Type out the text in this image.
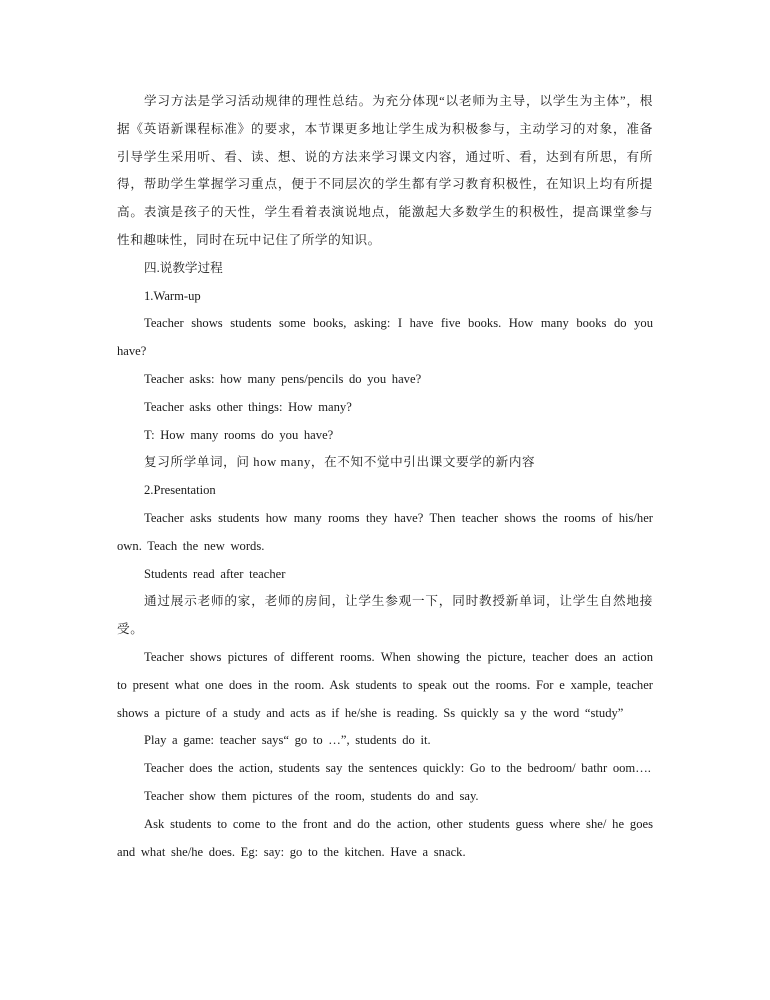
学习方法是学习活动规律的理性总结。为充分体现“以老师为主导，以学生为主体”，根据《英语新课程标准》的要求，本节课更多地让学生成为积极参与，主动学习的对象，准备引导学生采用听、看、读、想、说的方法来学习课文内容，通过听、看，达到有所思，有所得，帮助学生掌握学习重点，便于不同层次的学生都有学习教育积极性，在知识上均有所提高。表演是孩子的天性，学生看着表演说地点，能激起大多数学生的积极性，提高课堂参与性和趣味性，同时在玩中记住了所学的知识。

四.说教学过程

1.Warm-up

Teacher shows students some books, asking: I have five books. How many books do you have?

Teacher asks: how many pens/pencils do you have?

Teacher asks other things: How many?

T: How many rooms do you have?

复习所学单词，问 how many，在不知不觉中引出课文要学的新内容

2.Presentation

Teacher asks students how many rooms they have? Then teacher shows the rooms of his/her own. Teach the new words.

Students read after teacher

通过展示老师的家，老师的房间，让学生参观一下，同时教授新单词，让学生自然地接受。

Teacher shows pictures of different rooms. When showing the picture, teacher does an action to present what one does in the room. Ask students to speak out the rooms. For e xample, teacher shows a picture of a study and acts as if he/she is reading. Ss quickly sa y the word “study”

Play a game: teacher says“ go to …”, students do it.

Teacher does the action, students say the sentences quickly: Go to the bedroom/ bathr oom….

Teacher show them pictures of the room, students do and say.

Ask students to come to the front and do the action, other students guess where she/ he goes and what she/he does. Eg: say: go to the kitchen. Have a snack.
